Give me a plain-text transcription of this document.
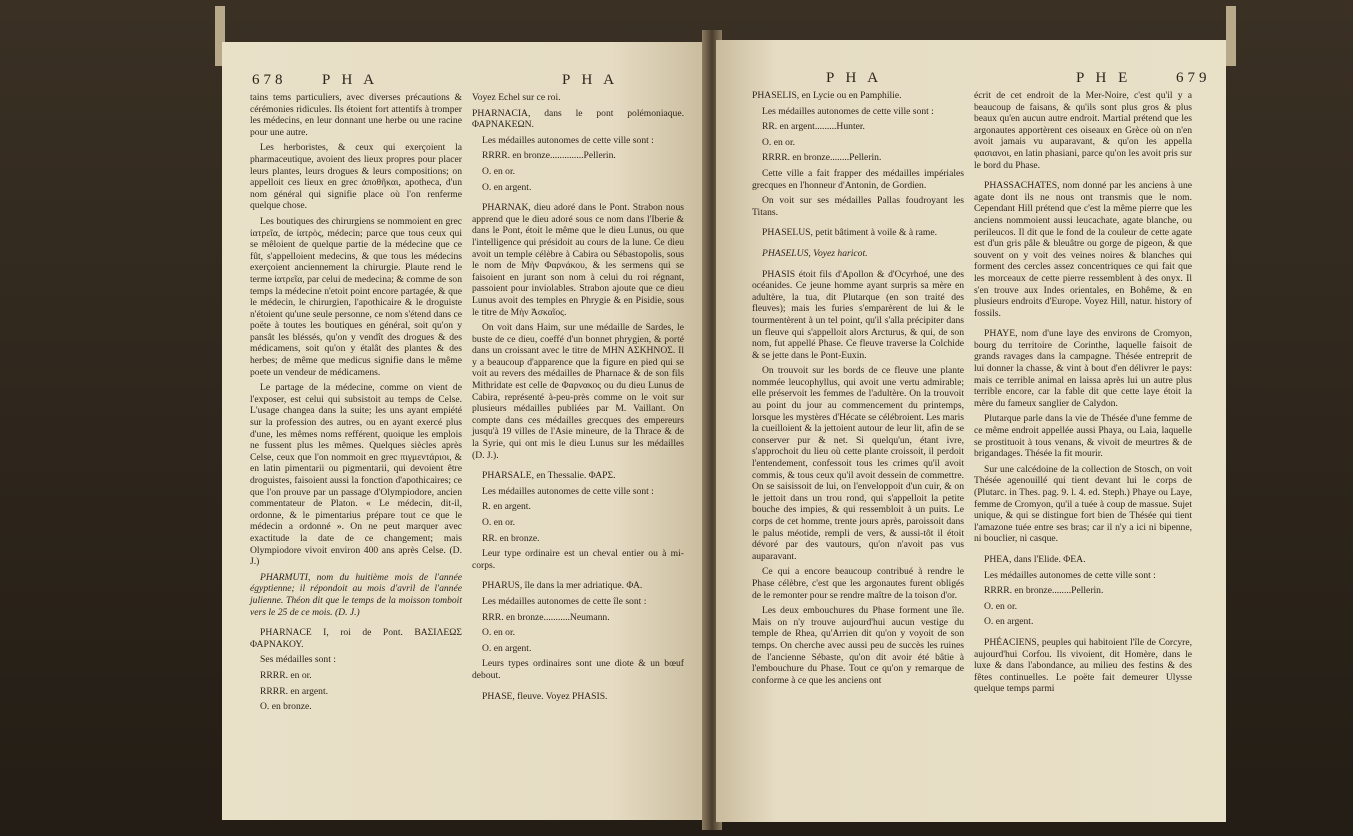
678 P H A	P H A

tains tems particuliers, avec diverses précautions & cérémonies ridicules. Ils étoient fort attentifs à tromper les médecins, en leur donnant une herbe ou une racine pour une autre.

Les herboristes, & ceux qui exerçoient la pharmaceutique, avoient des lieux propres pour placer leurs plantes, leurs drogues & leurs compositions; on appelloit ces lieux en grec ἀποθῆκαι, apotheca, d'un nom général qui signifie place où l'on renferme quelque chose.

Les boutiques des chirurgiens se nommoient en grec ἰατρεῖα, de ἰατρὸς, médecin; parce que tous ceux qui se mêloient de quelque partie de la médecine que ce fût, s'appelloient medecins, & que tous les médecins exerçoient anciennement la chirurgie. Plaute rend le terme ἰατρεῖα, par celui de medecina; & comme de son temps la médecine n'etoit point encore partagée, & que le médecin, le chirurgien, l'apothicaire & le droguiste n'étoient qu'une seule personne, ce nom s'étend dans ce poëte à toutes les boutiques en général, soit qu'on y pansât les bléssés, qu'on y vendît des drogues & des médicamens, soit qu'on y étalât des plantes & des herbes; de même que medicus signifie dans le même poete un vendeur de médicamens.

Le partage de la médecine, comme on vient de l'exposer, est celui qui subsistoit au temps de Celse. L'usage changea dans la suite; les uns ayant empiété sur la profession des autres, ou en ayant exercé plus d'une, les mêmes noms refférent, quoique les emplois ne fussent plus les mêmes. Quelques siècles après Celse, ceux que l'on nommoit en grec πιγμεντάριοι, & en latin pimentarii ou pigmentarii, qui devoient être droguistes, faisoient aussi la fonction d'apothicaires; ce que l'on prouve par un passage d'Olympiodore, ancien commentateur de Platon. « Le médecin, dit-il, ordonne, & le pimentarius prépare tout ce que le médecin a ordonné ». On ne peut marquer avec exactitude la date de ce changement; mais Olympiodore vivoit environ 400 ans après Celse. (D. J.)

PHARMUTI, nom du huitième mois de l'année égyptienne; il répondoit au mois d'avril de l'année julienne. Théon dit que le temps de la moisson tomboit vers le 25 de ce mois. (D. J.)

PHARNACE I, roi de Pont. ΒΑΣΙΛΕΩΣ ΦΑΡΝΑΚΟΥ.

Ses médailles sont :

RRRR. en or.

RRRR. en argent.

O. en bronze.

Voyez Echel sur ce roi.

PHARNACIA, dans le pont polémoniaque. ΦΑΡΝΑΚΕΩΝ.

Les médailles autonomes de cette ville sont :

RRRR. en bronze..............Pellerin.

O. en or.

O. en argent.

PHARNAK, dieu adoré dans le Pont. Strabon nous apprend que le dieu adoré sous ce nom dans l'Iberie & dans le Pont, étoit le même que le dieu Lunus, ou que l'intelligence qui présidoit au cours de la lune. Ce dieu avoit un temple célèbre à Cabira ou Sébastopolis, sous le nom de Μὴν Φαρνάκου, & les sermens qui se faisoient en jurant son nom à celui du roi régnant, passoient pour inviolables. Strabon ajoute que ce dieu Lunus avoit des temples en Phrygie & en Pisidie, sous le titre de Μὴν Ἀσκαῖος.

On voit dans Haim, sur une médaille de Sardes, le buste de ce dieu, coeffé d'un bonnet phrygien, & porté dans un croissant avec le titre de ΜΗΝ ΑΣΚΗΝΟΣ. Il y a beaucoup d'apparence que la figure en pied qui se voit au revers des médailles de Pharnace & de son fils Mithridate est celle de Φαρνακος ou du dieu Lunus de Cabira, représenté à-peu-près comme on le voit sur plusieurs médailles publiées par M. Vaillant. On compte dans ces médailles grecques des empereurs jusqu'à 19 villes de l'Asie mineure, de la Thrace & de la Syrie, qui ont mis le dieu Lunus sur les médailles (D. J.).

PHARSALE, en Thessalie. ΦΑΡΣ.

Les médailles autonomes de cette ville sont :

R. en argent.

O. en or.

RR. en bronze.

Leur type ordinaire est un cheval entier ou à mi-corps.

PHARUS, île dans la mer adriatique. ΦΑ.

Les médailles autonomes de cette île sont :

RRR. en bronze...........Neumann.

O. en or.

O. en argent.

Leurs types ordinaires sont une diote & un bœuf debout.

PHASE, fleuve. Voyez PHASIS.

P H A	P H E	679

PHASELIS, en Lycie ou en Pamphilie.

Les médailles autonomes de cette ville sont :

RR. en argent.........Hunter.

O. en or.

RRRR. en bronze........Pellerin.

Cette ville a fait frapper des médailles impériales grecques en l'honneur d'Antonin, de Gordien.

On voit sur ses médailles Pallas foudroyant les Titans.

PHASELUS, petit bâtiment à voile & à rame.

PHASELUS, Voyez haricot.

PHASIS étoit fils d'Apollon & d'Ocyrhoé, une des océanides. Ce jeune homme ayant surpris sa mère en adultère, la tua, dit Plutarque (en son traité des fleuves); mais les furies s'emparèrent de lui & le tourmentèrent à un tel point, qu'il s'alla précipiter dans un fleuve qui s'appelloit alors Arcturus, & qui, de son nom, fut appellé Phase. Ce fleuve traverse la Colchide & se jette dans le Pont-Euxin.

On trouvoit sur les bords de ce fleuve une plante nommée leucophyllus, qui avoit une vertu admirable; elle préservoit les femmes de l'adultère. On la trouvoit au point du jour au commencement du printemps, lorsque les mystères d'Hécate se célébroient. Les maris la cueilloient & la jettoient autour de leur lit, afin de se conserver pur & net. Si quelqu'un, étant ivre, s'approchoit du lieu où cette plante croissoit, il perdoit l'entendement, confessoit tous les crimes qu'il avoit commis, & tous ceux qu'il avoit dessein de commettre. On se saisissoit de lui, on l'enveloppoit d'un cuir, & on le jettoit dans un trou rond, qui s'appelloit la petite bouche des impies, & qui ressembloit à un puits. Le corps de cet homme, trente jours après, paroissoit dans le palus méotide, rempli de vers, & aussi-tôt il étoit dévoré par des vautours, qu'on n'avoit pas vus auparavant.

Ce qui a encore beaucoup contribué à rendre le Phase célèbre, c'est que les argonautes furent obligés de le remonter pour se rendre maître de la toison d'or.

Les deux embouchures du Phase forment une île. Mais on n'y trouve aujourd'hui aucun vestige du temple de Rhea, qu'Arrien dit qu'on y voyoit de son temps. On cherche avec aussi peu de succès les ruines de l'ancienne Sébaste, qu'on dit avoir été bâtie à l'embouchure du Phase. Tout ce qu'on y remarque de conforme à ce que les anciens ont

écrit de cet endroit de la Mer-Noire, c'est qu'il y a beaucoup de faisans, & qu'ils sont plus gros & plus beaux qu'en aucun autre endroit. Martial prétend que les argonautes apportèrent ces oiseaux en Grèce où on n'en avoit jamais vu auparavant, & qu'on les appella φασιανοι, en latin phasiani, parce qu'on les avoit pris sur le bord du Phase.

PHASSACHATES, nom donné par les anciens à une agate dont ils ne nous ont transmis que le nom. Cependant Hill prétend que c'est la même pierre que les anciens nommoient aussi leucachate, agate blanche, ou perileucos. Il dit que le fond de la couleur de cette agate est d'un gris pâle & bleuâtre ou gorge de pigeon, & que souvent on y voit des veines noires & blanches qui forment des cercles assez concentriques ce qui fait que les morceaux de cette pierre ressemblent à des onyx. Il s'en trouve aux Indes orientales, en Bohême, & en plusieurs endroits d'Europe. Voyez Hill, natur. history of fossils.

PHAYE, nom d'une laye des environs de Cromyon, bourg du territoire de Corinthe, laquelle faisoit de grands ravages dans la campagne. Thésée entreprit de lui donner la chasse, & vint à bout d'en délivrer le pays: mais ce terrible animal en laissa après lui un autre plus terrible encore, car la fable dit que cette laye étoit la mère du fameux sanglier de Calydon.

Plutarque parle dans la vie de Thésée d'une femme de ce même endroit appellée aussi Phaya, ou Laia, laquelle se prostituoit à tous venans, & vivoit de meurtres & de brigandages. Thésée la fit mourir.

Sur une calcédoine de la collection de Stosch, on voit Thésée agenouillé qui tient devant lui le corps de (Plutarc. in Thes. pag. 9. l. 4. ed. Steph.) Phaye ou Laye, femme de Cromyon, qu'il a tuée à coup de massue. Sujet unique, & qui se distingue fort bien de Thésée qui tient l'amazone tuée entre ses bras; car il n'y a ici ni bipenne, ni bouclier, ni casque.

PHEA, dans l'Elide. ΦΕΑ.

Les médailles autonomes de cette ville sont :

RRRR. en bronze........Pellerin.

O. en or.

O. en argent.

PHÉACIENS, peuples qui habitoient l'île de Corcyre, aujourd'hui Corfou. Ils vivoient, dit Homère, dans le luxe & dans l'abondance, au milieu des festins & des fêtes continuelles. Le poëte fait demeurer Ulysse quelque temps parmi
